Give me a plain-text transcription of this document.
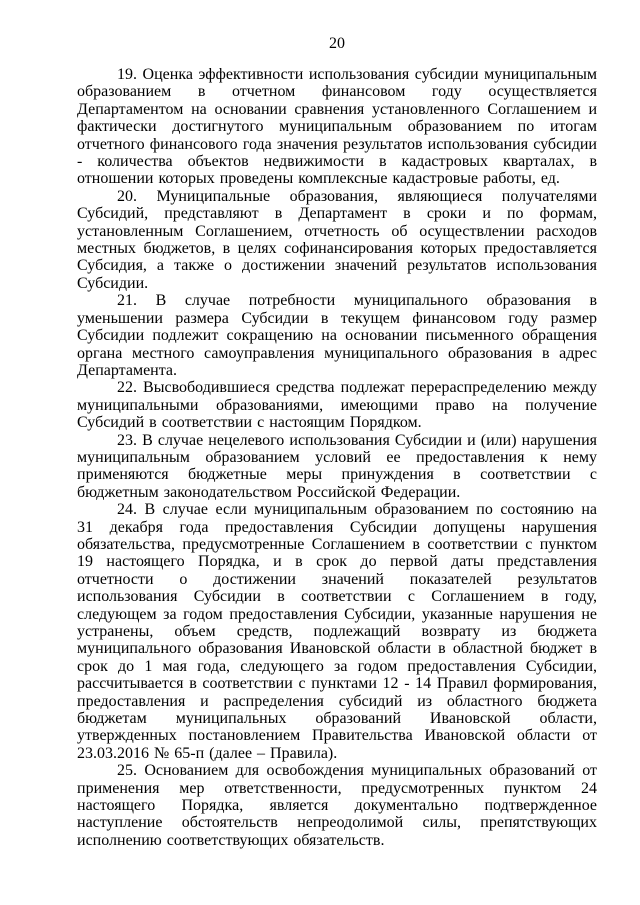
20

19. Оценка эффективности использования субсидии муниципальным образованием в отчетном финансовом году осуществляется Департаментом на основании сравнения установленного Соглашением и фактически достигнутого муниципальным образованием по итогам отчетного финансового года значения результатов использования субсидии - количества объектов недвижимости в кадастровых кварталах, в отношении которых проведены комплексные кадастровые работы, ед.

20. Муниципальные образования, являющиеся получателями Субсидий, представляют в Департамент в сроки и по формам, установленным Соглашением, отчетность об осуществлении расходов местных бюджетов, в целях софинансирования которых предоставляется Субсидия, а также о достижении значений результатов использования Субсидии.

21. В случае потребности муниципального образования в уменьшении размера Субсидии в текущем финансовом году размер Субсидии подлежит сокращению на основании письменного обращения органа местного самоуправления муниципального образования в адрес Департамента.

22. Высвободившиеся средства подлежат перераспределению между муниципальными образованиями, имеющими право на получение Субсидий в соответствии с настоящим Порядком.

23. В случае нецелевого использования Субсидии и (или) нарушения муниципальным образованием условий ее предоставления к нему применяются бюджетные меры принуждения в соответствии с бюджетным законодательством Российской Федерации.

24. В случае если муниципальным образованием по состоянию на 31 декабря года предоставления Субсидии допущены нарушения обязательства, предусмотренные Соглашением в соответствии с пунктом 19 настоящего Порядка, и в срок до первой даты представления отчетности о достижении значений показателей результатов использования Субсидии в соответствии с Соглашением в году, следующем за годом предоставления Субсидии, указанные нарушения не устранены, объем средств, подлежащий возврату из бюджета муниципального образования Ивановской области в областной бюджет в срок до 1 мая года, следующего за годом предоставления Субсидии, рассчитывается в соответствии с пунктами 12 - 14 Правил формирования, предоставления и распределения субсидий из областного бюджета бюджетам муниципальных образований Ивановской области, утвержденных постановлением Правительства Ивановской области от 23.03.2016 № 65-п (далее – Правила).

25. Основанием для освобождения муниципальных образований от применения мер ответственности, предусмотренных пунктом 24 настоящего Порядка, является документально подтвержденное наступление обстоятельств непреодолимой силы, препятствующих исполнению соответствующих обязательств.
